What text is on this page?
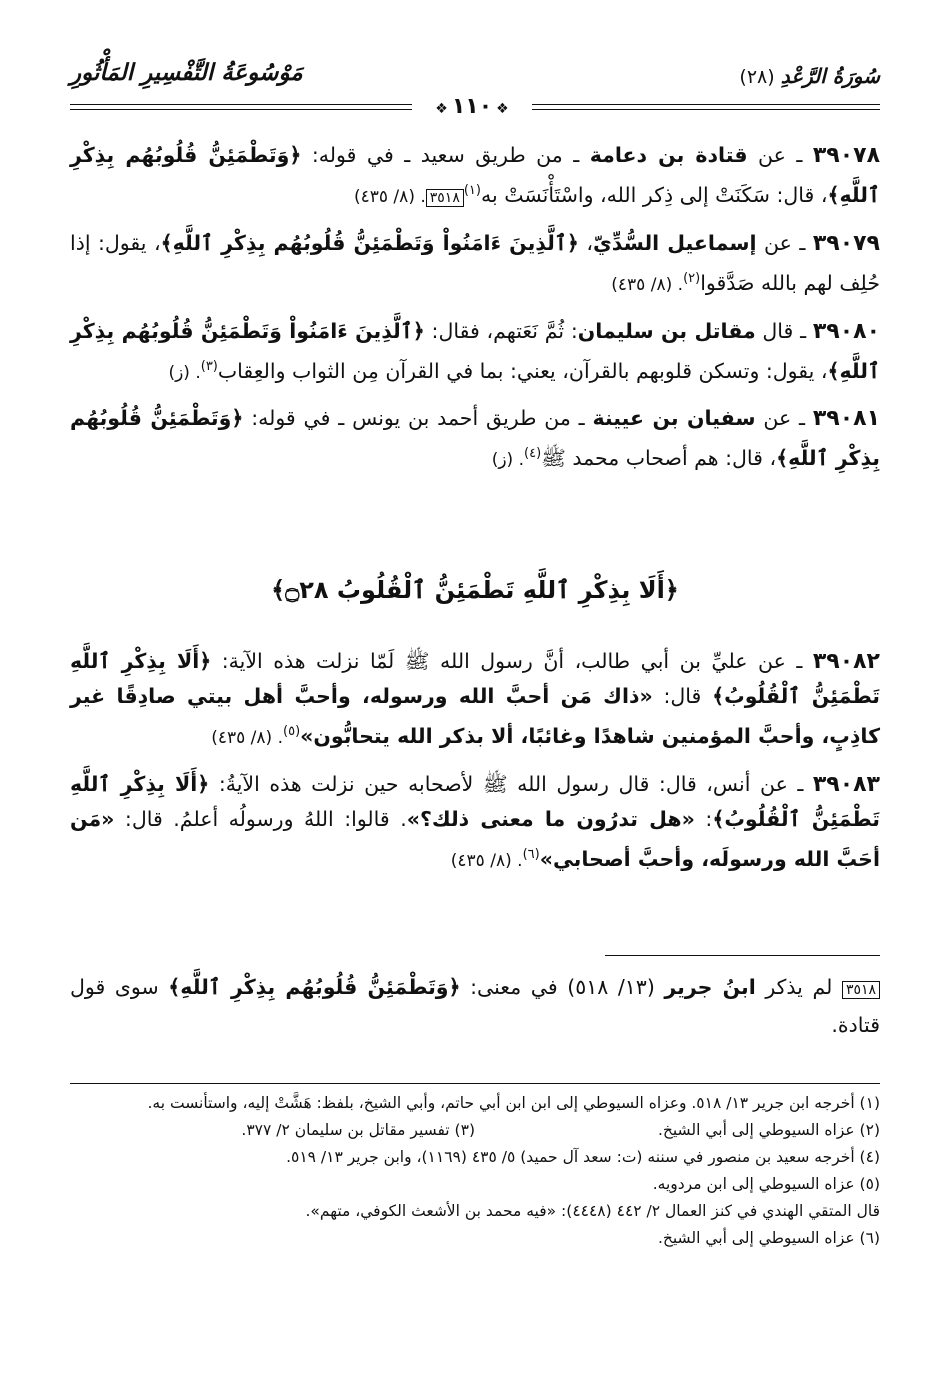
سُورَةُ الرَّعْدِ(٢٨)
مَوْسُوعَةُ التَّفْسِيرِ المَأْثُورِ
❖١١٠❖

٣٩٠٧٨ ـ عن قتادة بن دعامة ـ من طريق سعيد ـ في قوله: ﴿وَتَطْمَئِنُّ قُلُوبُهُم بِذِكْرِ ٱللَّهِ﴾، قال: سَكَنَتْ إلى ذِكر الله، واسْتَأْنَسَتْ به$^{(١)}$٣٥١٨. (٨/ ٤٣٥)

٣٩٠٧٩ ـ عن إسماعيل السُّدِّيّ، ﴿ٱلَّذِينَ ءَامَنُواْ وَتَطْمَئِنُّ قُلُوبُهُم بِذِكْرِ ٱللَّهِ﴾، يقول: إذا حُلِف لهم بالله صَدَّقوا$^{(٢)}$. (٨/ ٤٣٥)

٣٩٠٨٠ ـ قال مقاتل بن سليمان: ثُمَّ نَعَتهم، فقال: ﴿ٱلَّذِينَ ءَامَنُواْ وَتَطْمَئِنُّ قُلُوبُهُم بِذِكْرِ ٱللَّهِ﴾، يقول: وتسكن قلوبهم بالقرآن، يعني: بما في القرآن مِن الثواب والعِقاب$^{(٣)}$. (ز)

٣٩٠٨١ ـ عن سفيان بن عيينة ـ من طريق أحمد بن يونس ـ في قوله: ﴿وَتَطْمَئِنُّ قُلُوبُهُم بِذِكْرِ ٱللَّهِ﴾، قال: هم أصحاب محمد ﷺ$^{(٤)}$. (ز)

﴿أَلَا بِذِكْرِ ٱللَّهِ تَطْمَئِنُّ ٱلْقُلُوبُ ۝٢٨﴾

٣٩٠٨٢ ـ عن عليِّ بن أبي طالب، أنَّ رسول الله ﷺ لَمّا نزلت هذه الآية: ﴿أَلَا بِذِكْرِ ٱللَّهِ تَطْمَئِنُّ ٱلْقُلُوبُ﴾ قال: «ذاك مَن أحبَّ الله ورسوله، وأحبَّ أهل بيتي صادِقًا غير كاذِبٍ، وأحبَّ المؤمنين شاهدًا وغائبًا، ألا بذكر الله يتحابُّون»$^{(٥)}$. (٨/ ٤٣٥)

٣٩٠٨٣ ـ عن أنس، قال: قال رسول الله ﷺ لأصحابه حين نزلت هذه الآيةُ: ﴿أَلَا بِذِكْرِ ٱللَّهِ تَطْمَئِنُّ ٱلْقُلُوبُ﴾: «هل تدرُون ما معنى ذلك؟». قالوا: اللهُ ورسولُه أعلمُ. قال: «مَن أحَبَّ الله ورسولَه، وأحبَّ أصحابي»$^{(٦)}$. (٨/ ٤٣٥)

٣٥١٨ لم يذكر ابنُ جرير (١٣/ ٥١٨) في معنى: ﴿وَتَطْمَئِنُّ قُلُوبُهُم بِذِكْرِ ٱللَّهِ﴾ سوى قول قتادة.

(١) أخرجه ابن جرير ١٣/ ٥١٨. وعزاه السيوطي إلى ابن ابن أبي حاتم، وأبي الشيخ، بلفظ: هَشَّتْ إليه، واستأنست به.

(٢) عزاه السيوطي إلى أبي الشيخ.

(٣) تفسير مقاتل بن سليمان ٢/ ٣٧٧.

(٤) أخرجه سعيد بن منصور في سننه (ت: سعد آل حميد) ٥/ ٤٣٥ (١١٦٩)، وابن جرير ١٣/ ٥١٩.

(٥) عزاه السيوطي إلى ابن مردويه.

قال المتقي الهندي في كنز العمال ٢/ ٤٤٢ (٤٤٤٨): «فيه محمد بن الأشعث الكوفي، متهم».

(٦) عزاه السيوطي إلى أبي الشيخ.
